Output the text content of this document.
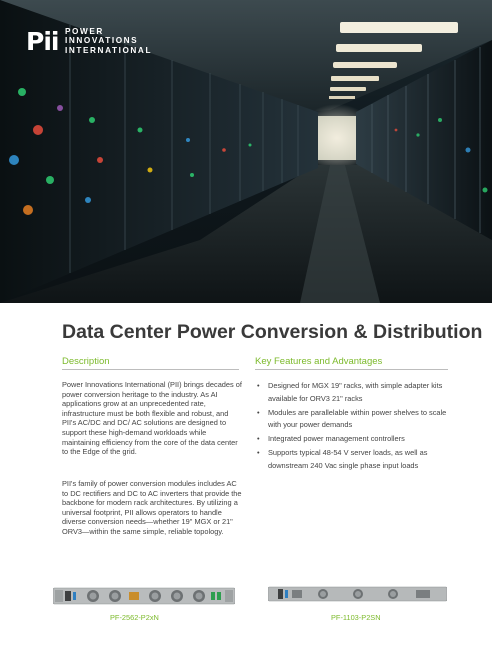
Pii POWER
INNOVATIONS
INTERNATIONAL
Data Center Power Conversion & Distribution
Description

Power Innovations International (PII) brings decades of power conversion heritage to the industry. As AI applications grow at an unprecedented rate, infrastructure must be both flexible and robust, and PII's AC/DC and DC/ AC solutions are designed to support these high-demand workloads while maintaining efficiency from the core of the data center to the Edge of the grid.

PII's family of power conversion modules includes AC to DC rectifiers and DC to AC inverters that provide the backbone for modern rack architectures. By utilizing a universal footprint, PII allows operators to handle diverse conversion needs—whether 19" MGX or 21" ORV3—within the same simple, reliable topology.

Key Features and Advantages
• Designed for MGX 19" racks, with simple adapter kits available for ORV3 21" racks
• Modules are parallelable within power shelves to scale with your power demands
• Integrated power management controllers
• Supports typical 48-54 V server loads, as well as downstream 240 Vac single phase input loads
PF-2562-P2xN	PF-1103-P2SN
